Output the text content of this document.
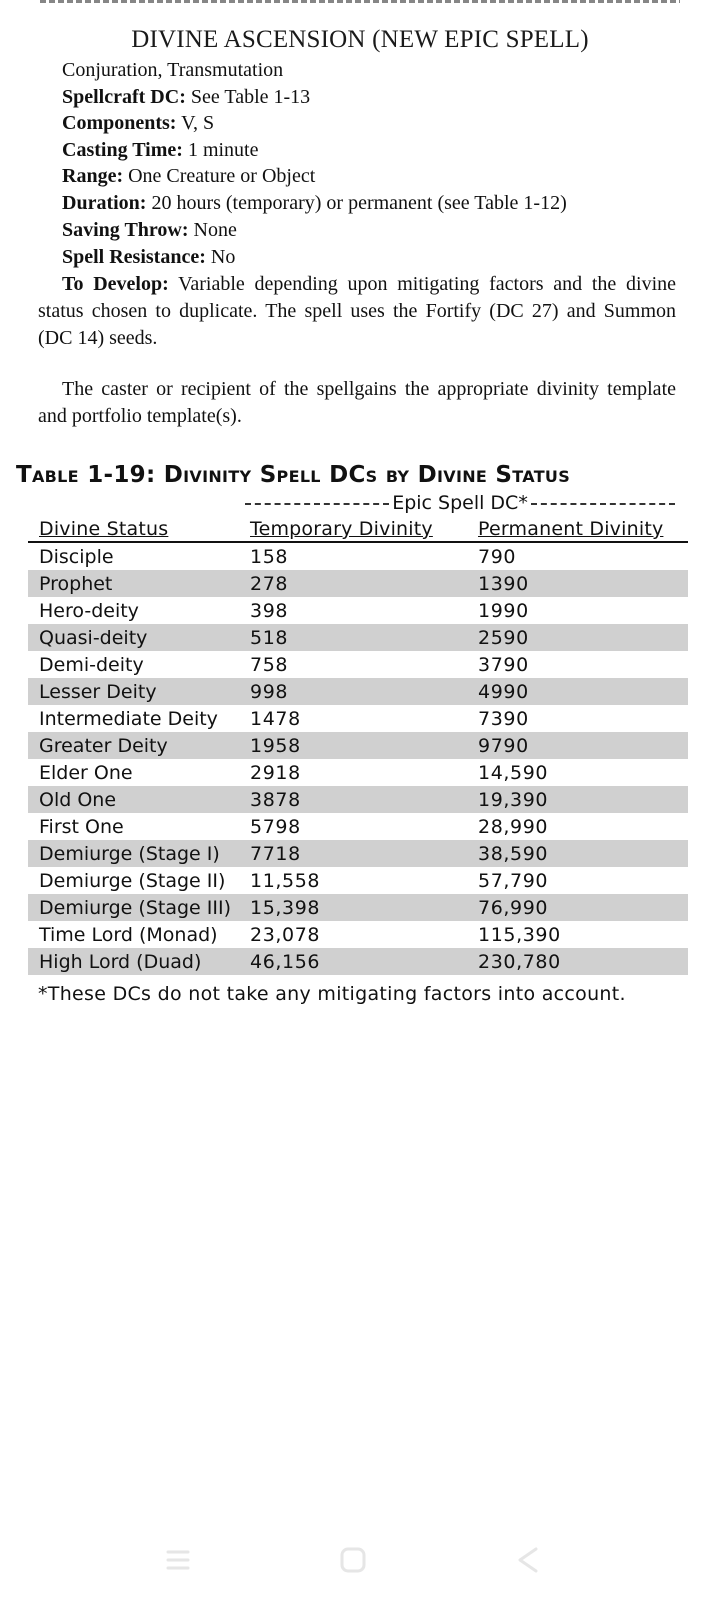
DIVINE ASCENSION (NEW EPIC SPELL)
Conjuration, Transmutation
Spellcraft DC: See Table 1-13
Components: V, S
Casting Time: 1 minute
Range: One Creature or Object
Duration: 20 hours (temporary) or permanent (see Table 1-12)
Saving Throw: None
Spell Resistance: No
To Develop: Variable depending upon mitigating factors and the divine status chosen to duplicate. The spell uses the Fortify (DC 27) and Summon (DC 14) seeds.
The caster or recipient of the spellgains the appropriate divinity template and portfolio template(s).
Table 1-19: Divinity Spell DCs by Divine Status
Epic Spell DC*
Divine Status	Temporary Divinity	Permanent Divinity
Disciple	158	790
Prophet	278	1390
Hero-deity	398	1990
Quasi-deity	518	2590
Demi-deity	758	3790
Lesser Deity	998	4990
Intermediate Deity	1478	7390
Greater Deity	1958	9790
Elder One	2918	14,590
Old One	3878	19,390
First One	5798	28,990
Demiurge (Stage I)	7718	38,590
Demiurge (Stage II)	11,558	57,790
Demiurge (Stage III)	15,398	76,990
Time Lord (Monad)	23,078	115,390
High Lord (Duad)	46,156	230,780
*These DCs do not take any mitigating factors into account.
